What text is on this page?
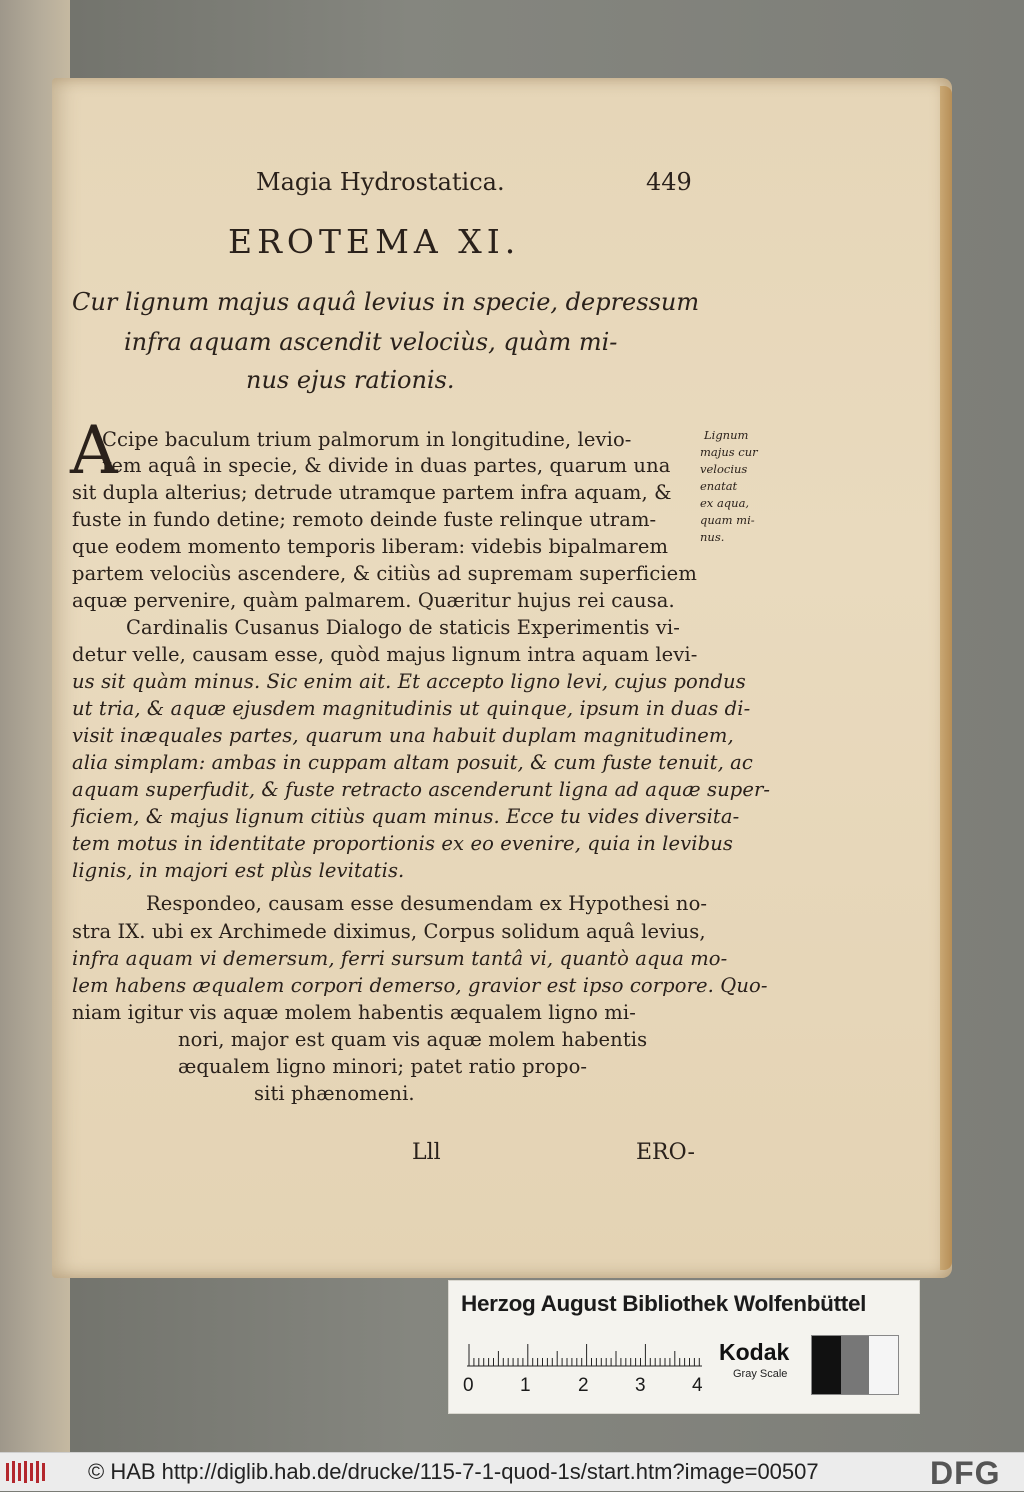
Magia Hydrostatica.	449
EROTEMA XI.
Cur lignum majus aquâ levius in specie, depressum
infra aquam ascendit velociùs, quàm mi-
nus ejus rationis.
A
Ccipe baculum trium palmorum in longitudine, levio-
rem aquâ in specie, & divide in duas partes, quarum una
sit dupla alterius; detrude utramque partem infra aquam, &
fuste in fundo detine; remoto deinde fuste relinque utram-
que eodem momento temporis liberam: videbis bipalmarem
partem velociùs ascendere, & citiùs ad supremam superficiem
aquæ pervenire, quàm palmarem. Quæritur hujus rei causa.
Cardinalis Cusanus Dialogo de staticis Experimentis vi-
detur velle, causam esse, quòd majus lignum intra aquam levi-
us sit quàm minus. Sic enim ait. Et accepto ligno levi, cujus pondus
ut tria, & aquæ ejusdem magnitudinis ut quinque, ipsum in duas di-
visit inæquales partes, quarum una habuit duplam magnitudinem,
alia simplam: ambas in cuppam altam posuit, & cum fuste tenuit, ac
aquam superfudit, & fuste retracto ascenderunt ligna ad aquæ super-
ficiem, & majus lignum citiùs quam minus. Ecce tu vides diversita-
tem motus in identitate proportionis ex eo evenire, quia in levibus
lignis, in majori est plùs levitatis.
Respondeo, causam esse desumendam ex Hypothesi no-
stra IX. ubi ex Archimede diximus, Corpus solidum aquâ levius,
infra aquam vi demersum, ferri sursum tantâ vi, quantò aqua mo-
lem habens æqualem corpori demerso, gravior est ipso corpore. Quo-
niam igitur vis aquæ molem habentis æqualem ligno mi-
nori, major est quam vis aquæ molem habentis
æqualem ligno minori; patet ratio propo-
siti phænomeni.
Lignum
majus cur
velocius
enatat
ex aqua,
quam mi-
nus.
Lll	ERO-
Herzog August Bibliothek Wolfenbüttel
0 1 2 3 4
Kodak
Gray Scale
© HAB http://diglib.hab.de/drucke/115-7-1-quod-1s/start.htm?image=00507	DFG
